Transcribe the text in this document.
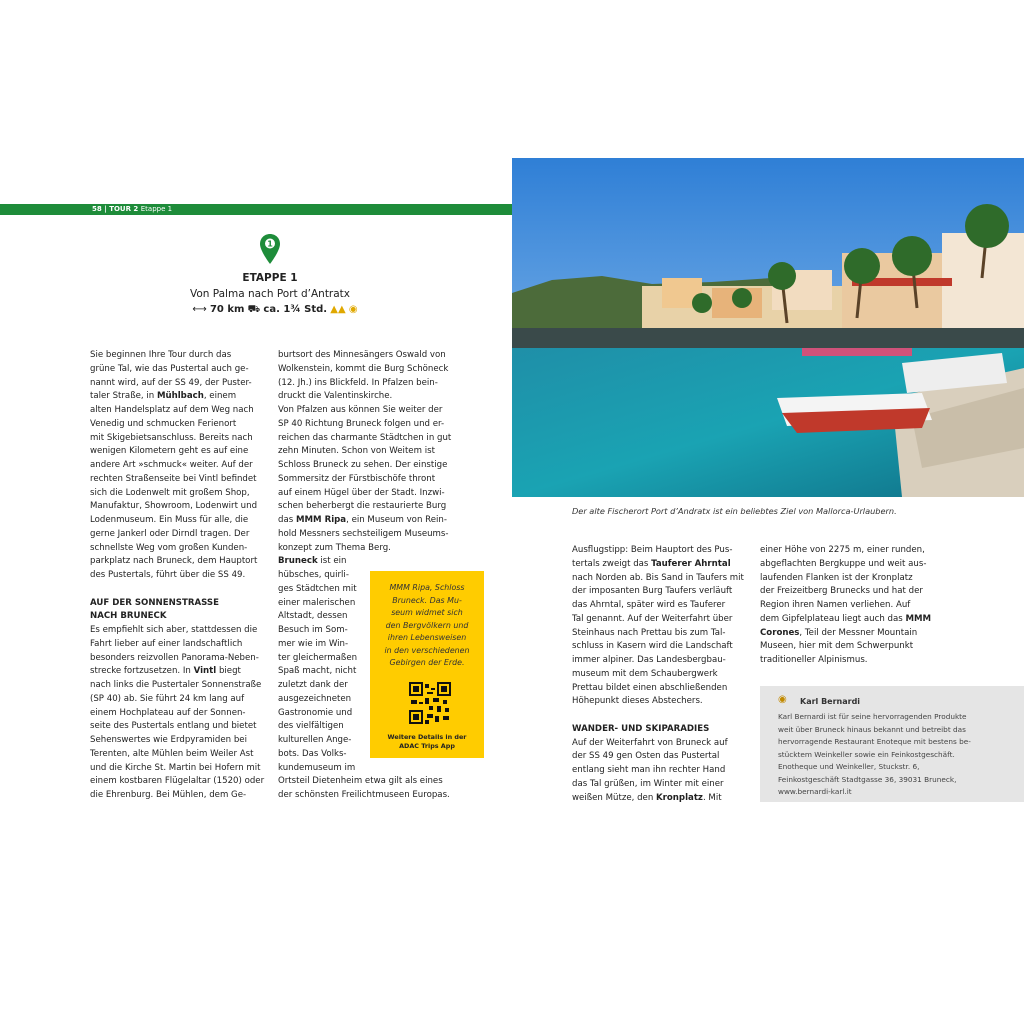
58 | TOUR 2 Etappe 1
Der alte Fischerort Port d’Andratx ist ein beliebtes Ziel von Mallorca-Urlaubern.
1
ETAPPE 1
Von Palma nach Port d’Antratx
⟷ 70 km ⛟ ca. 1¾ Std. ▲▲ ◉

Sie beginnen Ihre Tour durch das

grüne Tal, wie das Pustertal auch ge-

nannt wird, auf der SS 49, der Puster-

taler Straße, in Mühlbach, einem

alten Handelsplatz auf dem Weg nach

Venedig und schmucken Ferienort

mit Skigebietsanschluss. Bereits nach

wenigen Kilometern geht es auf eine

andere Art »schmuck« weiter. Auf der

rechten Straßenseite bei Vintl befindet

sich die Lodenwelt mit großem Shop,

Manufaktur, Showroom, Lodenwirt und

Lodenmuseum. Ein Muss für alle, die

gerne Jankerl oder Dirndl tragen. Der

schnellste Weg vom großen Kunden-

parkplatz nach Bruneck, dem Hauptort

des Pustertals, führt über die SS 49.

AUF DER SONNENSTRASSE

NACH BRUNECK

Es empfiehlt sich aber, stattdessen die

Fahrt lieber auf einer landschaftlich

besonders reizvollen Panorama-Neben-

strecke fortzusetzen. In Vintl biegt

nach links die Pustertaler Sonnenstraße

(SP 40) ab. Sie führt 24 km lang auf

einem Hochplateau auf der Sonnen-

seite des Pustertals entlang und bietet

Sehenswertes wie Erdpyramiden bei

Terenten, alte Mühlen beim Weiler Ast

und die Kirche St. Martin bei Hofern mit

einem kostbaren Flügelaltar (1520) oder

die Ehrenburg. Bei Mühlen, dem Ge-

burtsort des Minnesängers Oswald von

Wolkenstein, kommt die Burg Schöneck

(12. Jh.) ins Blickfeld. In Pfalzen bein-

druckt die Valentinskirche.

Von Pfalzen aus können Sie weiter der

SP 40 Richtung Bruneck folgen und er-

reichen das charmante Städtchen in gut

zehn Minuten. Schon von Weitem ist

Schloss Bruneck zu sehen. Der einstige

Sommersitz der Fürstbischöfe thront

auf einem Hügel über der Stadt. Inzwi-

schen beherbergt die restaurierte Burg

das MMM Ripa, ein Museum von Rein-

hold Messners sechsteiligem Museums-

konzept zum Thema Berg.

Bruneck ist ein

hübsches, quirli-

ges Städtchen mit

einer malerischen

Altstadt, dessen

Besuch im Som-

mer wie im Win-

ter gleichermaßen

Spaß macht, nicht

zuletzt dank der

ausgezeichneten

Gastronomie und

des vielfältigen

kulturellen Ange-

bots. Das Volks-

kundemuseum im

Ortsteil Dietenheim etwa gilt als eines

der schönsten Freilichtmuseen Europas.

MMM Ripa, Schloss

Bruneck. Das Mu-

seum widmet sich

den Bergvölkern und

ihren Lebensweisen

in den verschiedenen

Gebirgen der Erde.

Weitere Details in der

ADAC Trips App

Ausflugstipp: Beim Hauptort des Pus-

tertals zweigt das Tauferer Ahrntal

nach Norden ab. Bis Sand in Taufers mit

der imposanten Burg Taufers verläuft

das Ahrntal, später wird es Tauferer

Tal genannt. Auf der Weiterfahrt über

Steinhaus nach Prettau bis zum Tal-

schluss in Kasern wird die Landschaft

immer alpiner. Das Landesbergbau-

museum mit dem Schaubergwerk

Prettau bildet einen abschließenden

Höhepunkt dieses Abstechers.

WANDER- UND SKIPARADIES

Auf der Weiterfahrt von Bruneck auf

der SS 49 gen Osten das Pustertal

entlang sieht man ihn rechter Hand

das Tal grüßen, im Winter mit einer

weißen Mütze, den Kronplatz. Mit

einer Höhe von 2275 m, einer runden,

abgeflachten Bergkuppe und weit aus-

laufenden Flanken ist der Kronplatz

der Freizeitberg Brunecks und hat der

Region ihren Namen verliehen. Auf

dem Gipfelplateau liegt auch das MMM

Corones, Teil der Messner Mountain

Museen, hier mit dem Schwerpunkt

traditioneller Alpinismus.

◉ Karl Bernardi

Karl Bernardi ist für seine hervorragenden Produkte

weit über Bruneck hinaus bekannt und betreibt das

hervorragende Restaurant Enoteque mit bestens be-

stücktem Weinkeller sowie ein Feinkostgeschäft.

Enotheque und Weinkeller, Stuckstr. 6,

Feinkostgeschäft Stadtgasse 36, 39031 Bruneck,

www.bernardi-karl.it
